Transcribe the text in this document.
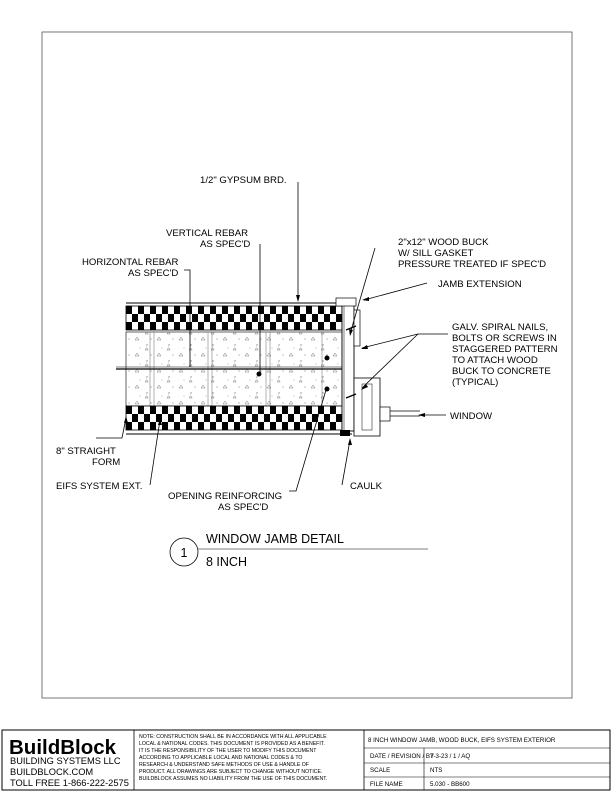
1/2" GYPSUM BRD.
VERTICAL REBAR
AS SPEC'D
HORIZONTAL REBAR
AS SPEC'D
2"x12" WOOD BUCK
W/ SILL GASKET
PRESSURE TREATED IF SPEC'D
JAMB EXTENSION
GALV. SPIRAL NAILS,
BOLTS OR SCREWS IN
STAGGERED PATTERN
TO ATTACH WOOD
BUCK TO CONCRETE
(TYPICAL)
WINDOW
8" STRAIGHT
FORM
EIFS SYSTEM EXT.
OPENING REINFORCING
AS SPEC'D
CAULK
1
WINDOW JAMB DETAIL
8 INCH
BuildBlock
BUILDING SYSTEMS LLC
BUILDBLOCK.COM
TOLL FREE 1-866-222-2575
NOTE: CONSTRUCTION SHALL BE IN ACCORDANCE WITH ALL APPLICABLE
LOCAL & NATIONAL CODES. THIS DOCUMENT IS PROVIDED AS A BENEFIT.
IT IS THE RESPONSIBILITY OF THE USER TO MODIFY THIS DOCUMENT
ACCORDING TO APPLICABLE LOCAL AND NATIONAL CODES & TO
RESEARCH & UNDERSTAND SAFE METHODS OF USE & HANDLE OF
PRODUCT. ALL DRAWINGS ARE SUBJECT TO CHANGE WITHOUT NOTICE.
BUILDBLOCK ASSUMES NO LIABILITY FROM THE USE OF THIS DOCUMENT.
8 INCH WINDOW JAMB, WOOD BUCK, EIFS SYSTEM EXTERIOR
DATE / REVISION / BY
7-3-23 / 1 / AQ
SCALE	NTS
FILE NAME	5.030 - BB600
